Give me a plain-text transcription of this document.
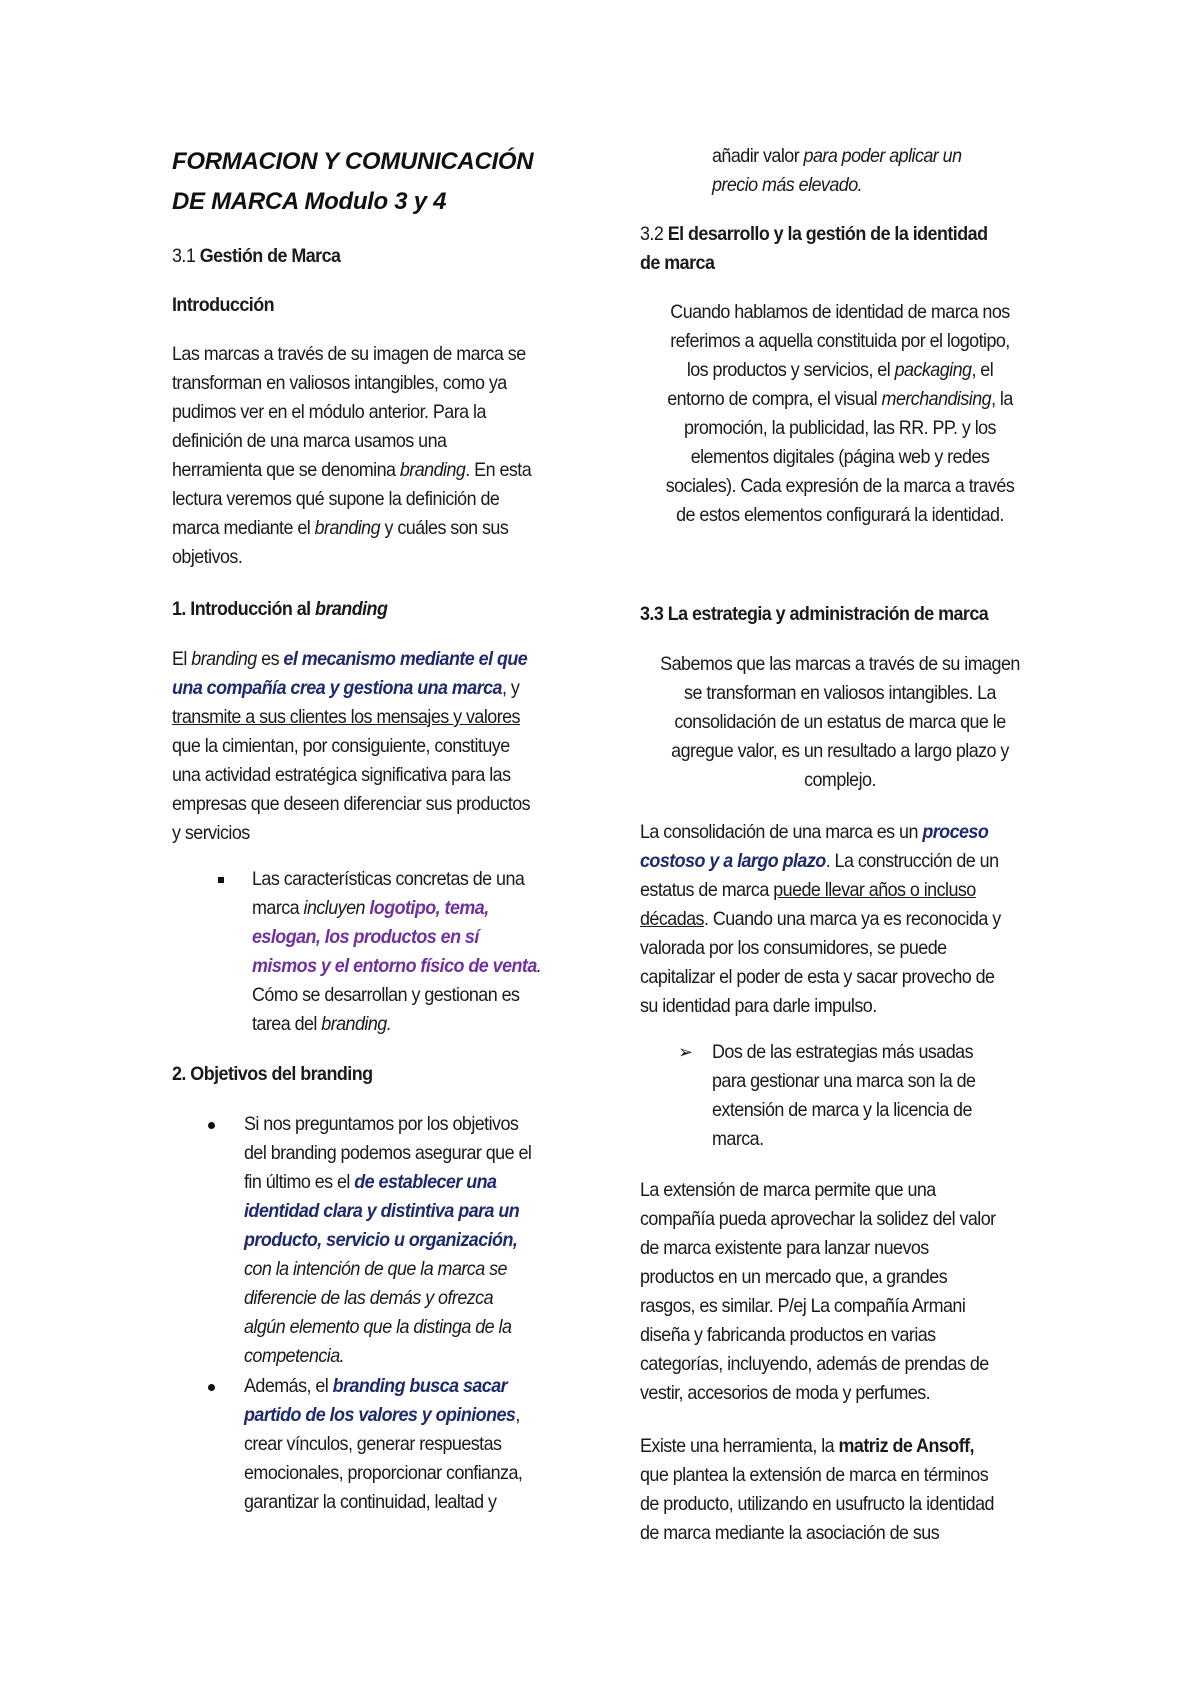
FORMACION Y COMUNICACIÓN
DE MARCA Modulo 3 y 4

3.1 Gestión de Marca

Introducción

Las marcas a través de su imagen de marca se

transforman en valiosos intangibles, como ya

pudimos ver en el módulo anterior. Para la

definición de una marca usamos una

herramienta que se denomina branding. En esta

lectura veremos qué supone la definición de

marca mediante el branding y cuáles son sus

objetivos.

1. Introducción al branding

El branding es el mecanismo mediante el que

una compañía crea y gestiona una marca, y

transmite a sus clientes los mensajes y valores

que la cimientan, por consiguiente, constituye

una actividad estratégica significativa para las

empresas que deseen diferenciar sus productos

y servicios

Las características concretas de una

marca incluyen logotipo, tema,

eslogan, los productos en sí

mismos y el entorno físico de venta.

Cómo se desarrollan y gestionan es

tarea del branding.

2. Objetivos del branding

Si nos preguntamos por los objetivos

del branding podemos asegurar que el

fin último es el de establecer una

identidad clara y distintiva para un

producto, servicio u organización,

con la intención de que la marca se

diferencie de las demás y ofrezca

algún elemento que la distinga de la

competencia.

Además, el branding busca sacar

partido de los valores y opiniones,

crear vínculos, generar respuestas

emocionales, proporcionar confianza,

garantizar la continuidad, lealtad y

añadir valor para poder aplicar un

precio más elevado.

3.2 El desarrollo y la gestión de la identidad

de marca

Cuando hablamos de identidad de marca nos

referimos a aquella constituida por el logotipo,

los productos y servicios, el packaging, el

entorno de compra, el visual merchandising, la

promoción, la publicidad, las RR. PP. y los

elementos digitales (página web y redes

sociales). Cada expresión de la marca a través

de estos elementos configurará la identidad.

3.3 La estrategia y administración de marca

Sabemos que las marcas a través de su imagen

se transforman en valiosos intangibles. La

consolidación de un estatus de marca que le

agregue valor, es un resultado a largo plazo y

complejo.

La consolidación de una marca es un proceso

costoso y a largo plazo. La construcción de un

estatus de marca puede llevar años o incluso

décadas. Cuando una marca ya es reconocida y

valorada por los consumidores, se puede

capitalizar el poder de esta y sacar provecho de

su identidad para darle impulso.

➢ Dos de las estrategias más usadas

para gestionar una marca son la de

extensión de marca y la licencia de

marca.

La extensión de marca permite que una

compañía pueda aprovechar la solidez del valor

de marca existente para lanzar nuevos

productos en un mercado que, a grandes

rasgos, es similar. P/ej La compañía Armani

diseña y fabricanda productos en varias

categorías, incluyendo, además de prendas de

vestir, accesorios de moda y perfumes.

Existe una herramienta, la matriz de Ansoff,

que plantea la extensión de marca en términos

de producto, utilizando en usufructo la identidad

de marca mediante la asociación de sus
